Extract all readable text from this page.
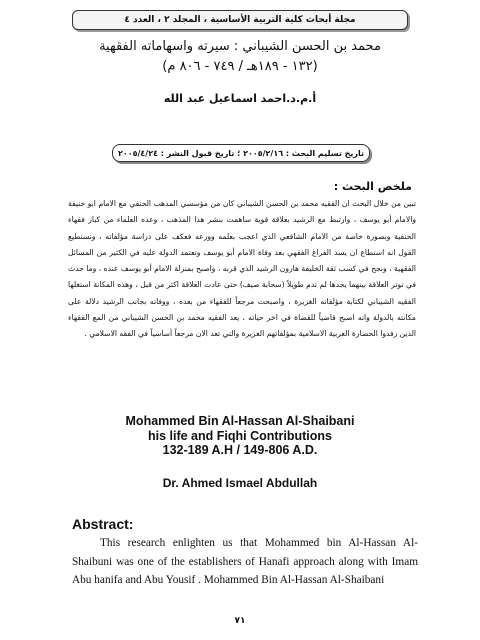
مجلة أبحاث كلية التربية الأساسية ، المجلد ٢ ، العدد ٤
محمد بن الحسن الشيباني : سيرته واسهاماته الفقهية
(١٣٢ - ١٨٩هـ / ٧٤٩ - ٨٠٦ م)
أ.م.د.احمد اسماعيل عبد الله
تاريخ تسليم البحث : ٢٠٠٥/٢/١٦ ؛ تاريخ قبول النشر : ٢٠٠٥/٤/٢٤
ملخص البحث :
تبين من خلال البحث ان الفقيه محمد بن الحسن الشيباني كان من مؤسسي المذهب الحنفي مع الامام ابو حنيفة والامام أبو يوسف ، وارتبط مع الرشيد بعلاقة قوية ساهمت بنشر هذا المذهب ، وعده العلماء من كبار فقهاء الحنفية وبصورة خاصة من الامام الشافعي الذي اعجب بعلمه وورعه فعكف على دراسة مؤلفاته ، ونستطيع القول انه استطاع ان يسد الفراغ الفقهي بعد وفاة الامام أبو يوسف وتعتمد الدولة عليه في الكثير من المسائل الفقهية ، ونجح في كسب ثقة الخليفة هارون الرشيد الذي قربه ، واصبح بمنزلة الامام أبو يوسف عنده ، وما حدث في توتر العلاقة بينهما يجدها لم تدم طويلاً (سحابة صيف) حتى عادت العلاقة اكثر من قبل ، وهذه المكانة استغلها الفقيه الشيباني لكتابة مؤلفاته الغزيرة ، واصبحت مرجعاً للفقهاء من بعده ، ووفاته بجانب الرشيد دلالة على مكانته بالدولة وانه اصبح قاضياً للقضاة في اخر حياته ، يعد الفقيه محمد بن الحسن الشيباني من المع الفقهاء الذين رفدوا الحضارة العربية الاسلامية بمؤلفاتهم الغزيرة والتي تعد الان مرجعاً أساسياً في الفقه الاسلامي .
Mohammed Bin Al-Hassan Al-Shaibani
his life and Fiqhi Contributions
132-189 A.H / 149-806 A.D.
Dr. Ahmed Ismael Abdullah
Abstract:
This research enlighten us that Mohammed bin Al-Hassan Al-Shaibuni was one of the establishers of Hanafi approach along with Imam Abu hanifa and Abu Yousif . Mohammed Bin Al-Hassan Al-Shaibani
٧١
